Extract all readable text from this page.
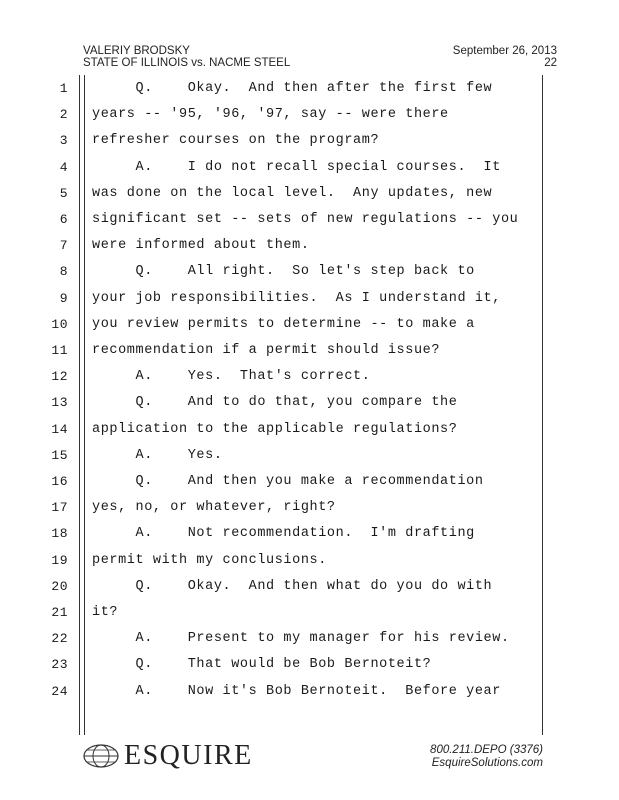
VALERIY BRODSKY
STATE OF ILLINOIS vs. NACME STEEL
September 26, 2013
22
1 Q.    Okay.  And then after the first few
2 years -- '95, '96, '97, say -- were there
3 refresher courses on the program?
4 A.    I do not recall special courses.  It
5 was done on the local level.  Any updates, new
6 significant set -- sets of new regulations -- you
7 were informed about them.
8 Q.    All right.  So let's step back to
9 your job responsibilities.  As I understand it,
10 you review permits to determine -- to make a
11 recommendation if a permit should issue?
12 A.    Yes.  That's correct.
13 Q.    And to do that, you compare the
14 application to the applicable regulations?
15 A.    Yes.
16 Q.    And then you make a recommendation
17 yes, no, or whatever, right?
18 A.    Not recommendation.  I'm drafting
19 permit with my conclusions.
20 Q.    Okay.  And then what do you do with
21 it?
22 A.    Present to my manager for his review.
23 Q.    That would be Bob Bernoteit?
24 A.    Now it's Bob Bernoteit.  Before year
ESQUIRE	800.211.DEPO (3376)
EsquireSolutions.com
